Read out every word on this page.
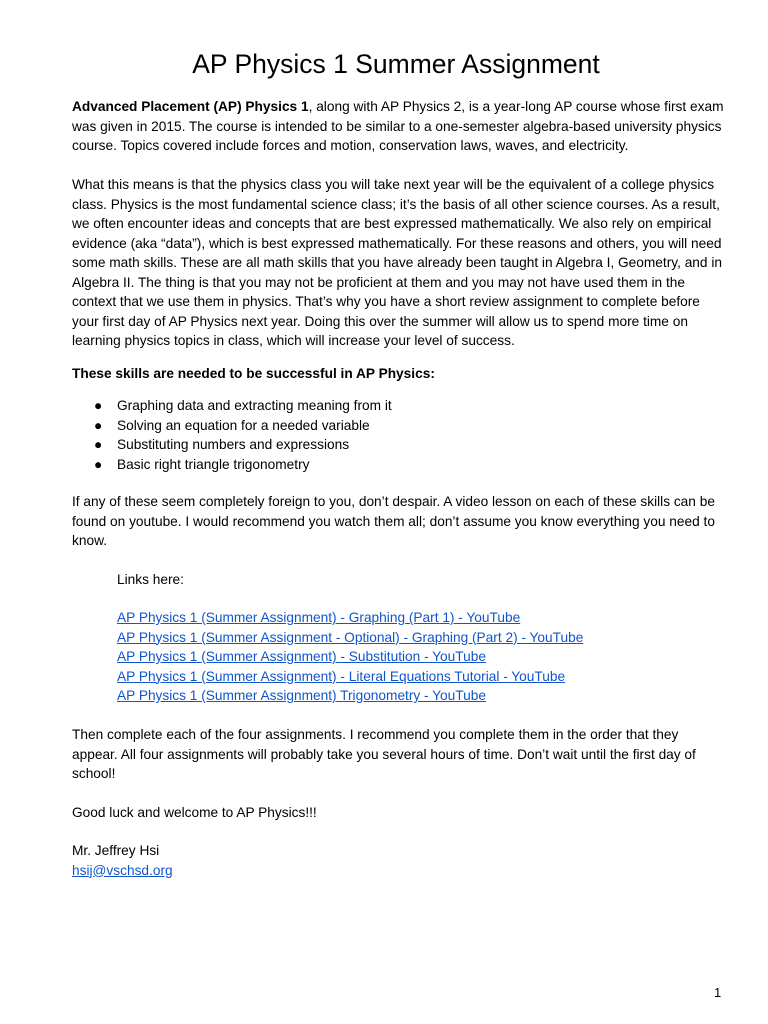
AP Physics 1 Summer Assignment

Advanced Placement (AP) Physics 1, along with AP Physics 2, is a year-long AP course whose first exam was given in 2015. The course is intended to be similar to a one-semester algebra-based university physics course. Topics covered include forces and motion, conservation laws, waves, and electricity.

What this means is that the physics class you will take next year will be the equivalent of a college physics class. Physics is the most fundamental science class; it’s the basis of all other science courses. As a result, we often encounter ideas and concepts that are best expressed mathematically. We also rely on empirical evidence (aka “data”), which is best expressed mathematically. For these reasons and others, you will need some math skills. These are all math skills that you have already been taught in Algebra I, Geometry, and in Algebra II. The thing is that you may not be proficient at them and you may not have used them in the context that we use them in physics. That’s why you have a short review assignment to complete before your first day of AP Physics next year. Doing this over the summer will allow us to spend more time on learning physics topics in class, which will increase your level of success.

These skills are needed to be successful in AP Physics:

● Graphing data and extracting meaning from it
● Solving an equation for a needed variable
● Substituting numbers and expressions
● Basic right triangle trigonometry

If any of these seem completely foreign to you, don’t despair. A video lesson on each of these skills can be found on youtube. I would recommend you watch them all; don’t assume you know everything you need to know.

Links here:

AP Physics 1 (Summer Assignment) - Graphing (Part 1) - YouTube
AP Physics 1 (Summer Assignment - Optional) - Graphing (Part 2) - YouTube
AP Physics 1 (Summer Assignment) - Substitution - YouTube
AP Physics 1 (Summer Assignment) - Literal Equations Tutorial - YouTube
AP Physics 1 (Summer Assignment) Trigonometry - YouTube

Then complete each of the four assignments. I recommend you complete them in the order that they appear. All four assignments will probably take you several hours of time. Don’t wait until the first day of school!

Good luck and welcome to AP Physics!!!

Mr. Jeffrey Hsi

hsij@vschsd.org
1
